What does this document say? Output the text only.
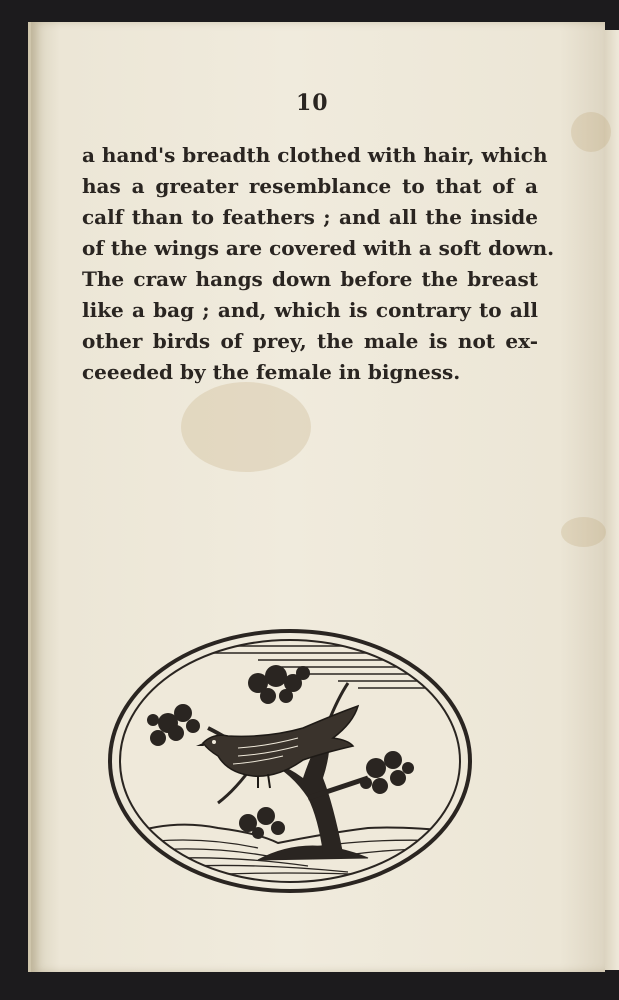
10
a hand's breadth clothed with hair, which
has a greater resemblance to that of a
calf than to feathers ; and all the inside
of the wings are covered with a soft down.
The craw hangs down before the breast
like a bag ; and, which is contrary to all
other birds of prey, the male is not ex-
ceeeded by the female in bigness.
